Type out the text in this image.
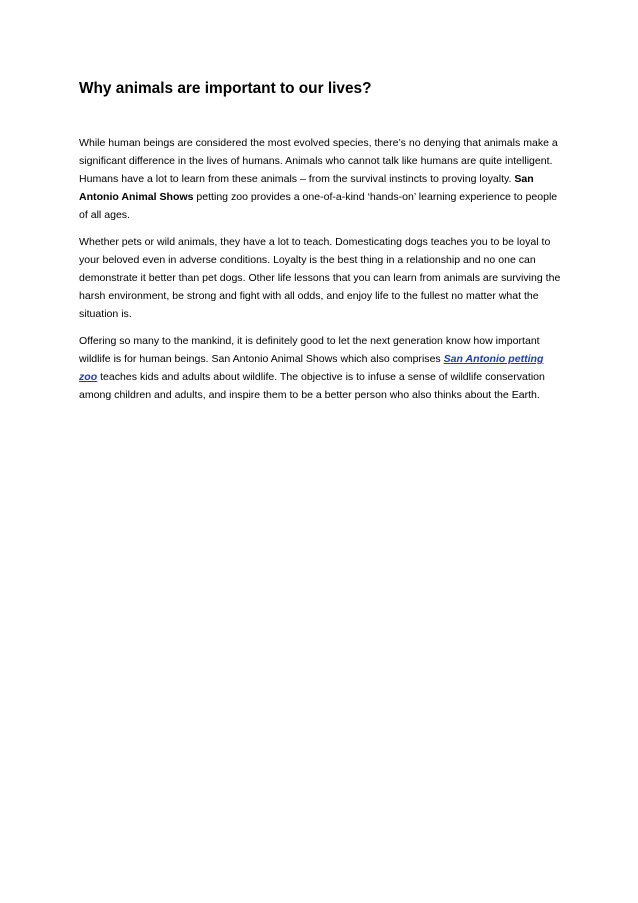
Why animals are important to our lives?

While human beings are considered the most evolved species, there’s no denying that animals make a significant difference in the lives of humans. Animals who cannot talk like humans are quite intelligent. Humans have a lot to learn from these animals – from the survival instincts to proving loyalty. San Antonio Animal Shows petting zoo provides a one-of-a-kind ‘hands-on’ learning experience to people of all ages.

Whether pets or wild animals, they have a lot to teach. Domesticating dogs teaches you to be loyal to your beloved even in adverse conditions. Loyalty is the best thing in a relationship and no one can demonstrate it better than pet dogs. Other life lessons that you can learn from animals are surviving the harsh environment, be strong and fight with all odds, and enjoy life to the fullest no matter what the situation is.

Offering so many to the mankind, it is definitely good to let the next generation know how important wildlife is for human beings. San Antonio Animal Shows which also comprises San Antonio petting zoo teaches kids and adults about wildlife. The objective is to infuse a sense of wildlife conservation among children and adults, and inspire them to be a better person who also thinks about the Earth.
